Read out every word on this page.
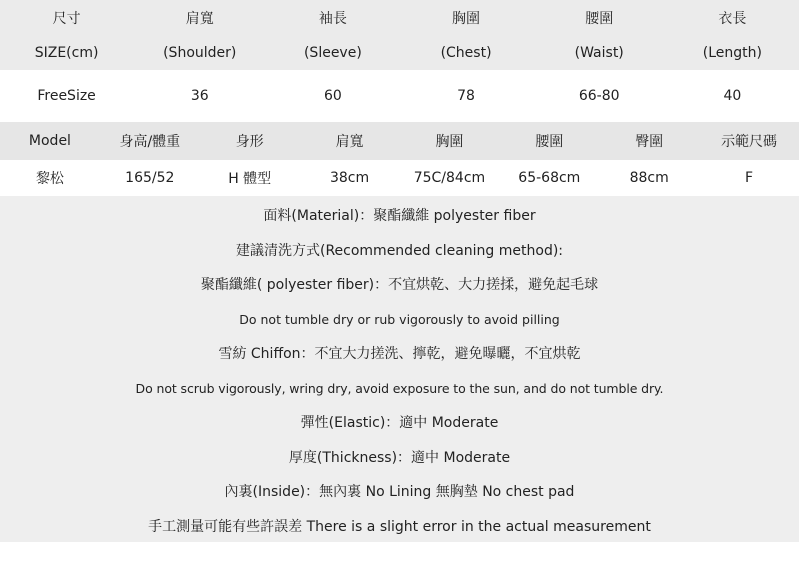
尺寸	肩寬	袖長	胸圍	腰圍	衣長
SIZE(cm)	(Shoulder)	(Sleeve)	(Chest)	(Waist)	(Length)
FreeSize	36	60	78	66-80	40
Model	身高/體重	身形	肩寬	胸圍	腰圍	臀圍	示範尺碼
黎松	165/52	H 體型	38cm	75C/84cm	65-68cm	88cm	F
面料(Material)：聚酯纖維 polyester fiber
建議清洗方式(Recommended cleaning method):
聚酯纖維( polyester fiber)：不宜烘乾、大力搓揉，避免起毛球
Do not tumble dry or rub vigorously to avoid pilling
雪紡 Chiffon：不宜大力搓洗、擰乾，避免曝曬，不宜烘乾
Do not scrub vigorously, wring dry, avoid exposure to the sun, and do not tumble dry.
彈性(Elastic)：適中 Moderate
厚度(Thickness)：適中 Moderate
內裏(Inside)：無內裏 No Lining 無胸墊 No chest pad
手工測量可能有些許誤差 There is a slight error in the actual measurement
